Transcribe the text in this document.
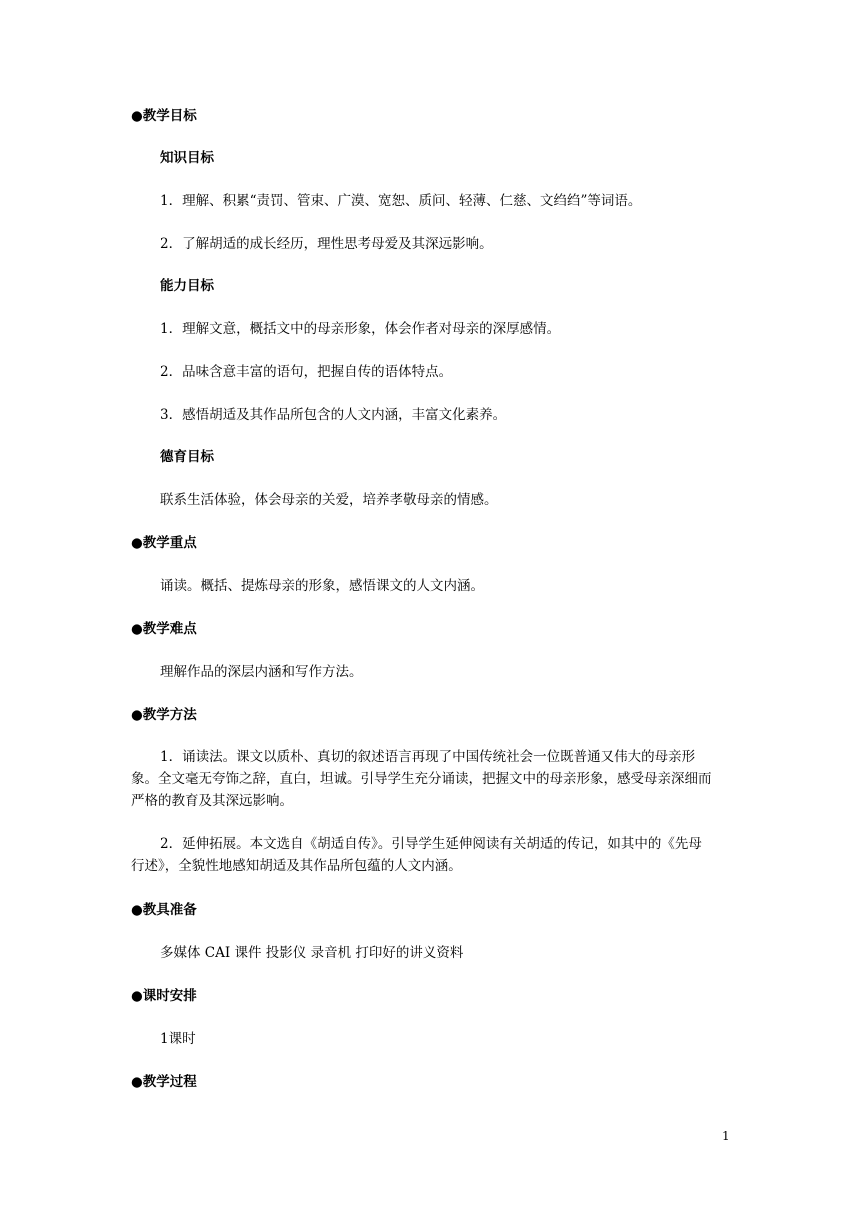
●教学目标
知识目标
1．理解、积累“责罚、管束、广漠、宽恕、质问、轻薄、仁慈、文绉绉”等词语。
2．了解胡适的成长经历，理性思考母爱及其深远影响。
能力目标
1．理解文意，概括文中的母亲形象，体会作者对母亲的深厚感情。
2．品味含意丰富的语句，把握自传的语体特点。
3．感悟胡适及其作品所包含的人文内涵，丰富文化素养。
德育目标
联系生活体验，体会母亲的关爱，培养孝敬母亲的情感。
●教学重点
诵读。概括、提炼母亲的形象，感悟课文的人文内涵。
●教学难点
理解作品的深层内涵和写作方法。
●教学方法
1．诵读法。课文以质朴、真切的叙述语言再现了中国传统社会一位既普通又伟大的母亲形象。全文毫无夸饰之辞，直白，坦诚。引导学生充分诵读，把握文中的母亲形象，感受母亲深细而严格的教育及其深远影响。
2．延伸拓展。本文选自《胡适自传》。引导学生延伸阅读有关胡适的传记，如其中的《先母行述》，全貌性地感知胡适及其作品所包蕴的人文内涵。
●教具准备
多媒体 CAI 课件 投影仪 录音机 打印好的讲义资料
●课时安排
1课时
●教学过程
1
